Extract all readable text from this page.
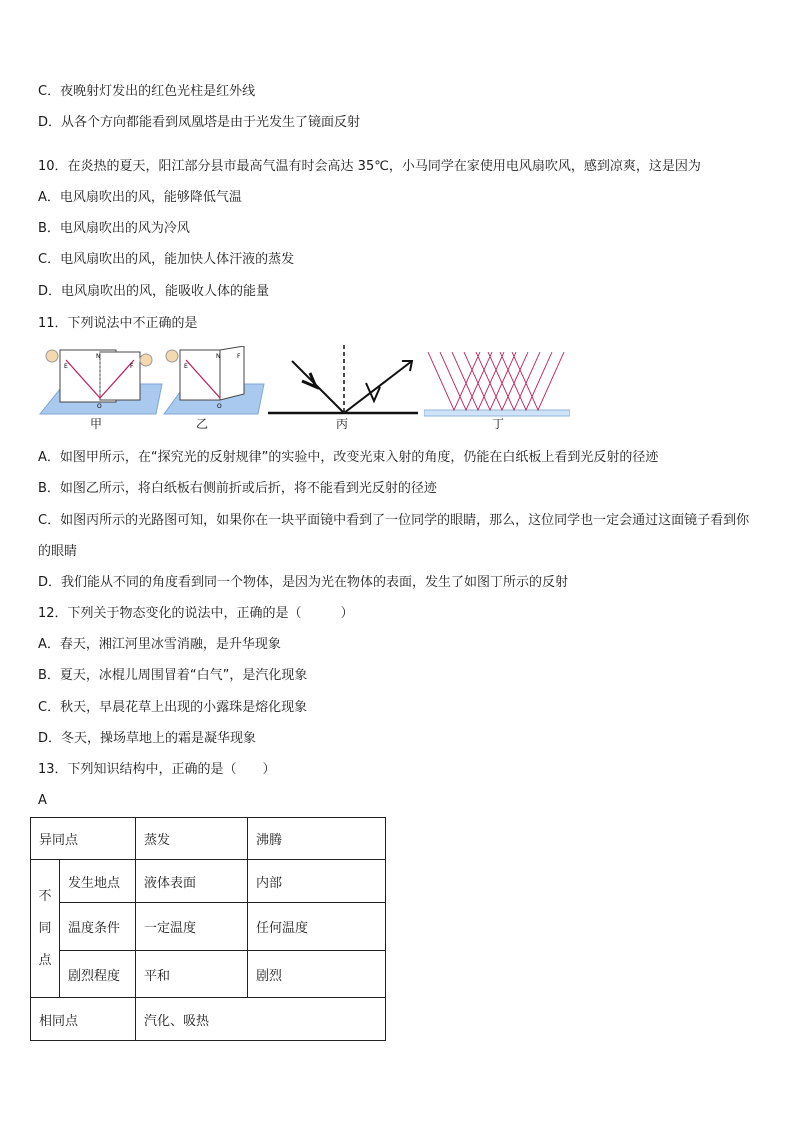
C．夜晚射灯发出的红色光柱是红外线
D．从各个方向都能看到凤凰塔是由于光发生了镜面反射
10．在炎热的夏天，阳江部分县市最高气温有时会高达 35℃，小马同学在家使用电风扇吹风，感到凉爽，这是因为
A．电风扇吹出的风，能够降低气温
B．电风扇吹出的风为冷风
C．电风扇吹出的风，能加快人体汗液的蒸发
D．电风扇吹出的风，能吸收人体的能量
11．下列说法中不正确的是
E
N
F
O
甲
E
N	F
O
乙	丙	丁
A．如图甲所示，在“探究光的反射规律”的实验中，改变光束入射的角度，仍能在白纸板上看到光反射的径迹
B．如图乙所示，将白纸板右侧前折或后折，将不能看到光反射的径迹
C．如图丙所示的光路图可知，如果你在一块平面镜中看到了一位同学的眼睛，那么，这位同学也一定会通过这面镜子看到你的眼睛
D．我们能从不同的角度看到同一个物体，是因为光在物体的表面，发生了如图丁所示的反射
12．下列关于物态变化的说法中，正确的是（　　　）
A．春天，湘江河里冰雪消融，是升华现象
B．夏天，冰棍儿周围冒着“白气”，是汽化现象
C．秋天，早晨花草上出现的小露珠是熔化现象
D．冬天，操场草地上的霜是凝华现象
13．下列知识结构中，正确的是（　　）
A
异同点		蒸发	沸腾

不
同
点	发生地点	液体表面	内部
	温度条件	一定温度	任何温度
	剧烈程度	平和	剧烈
相同点		汽化、吸热	
